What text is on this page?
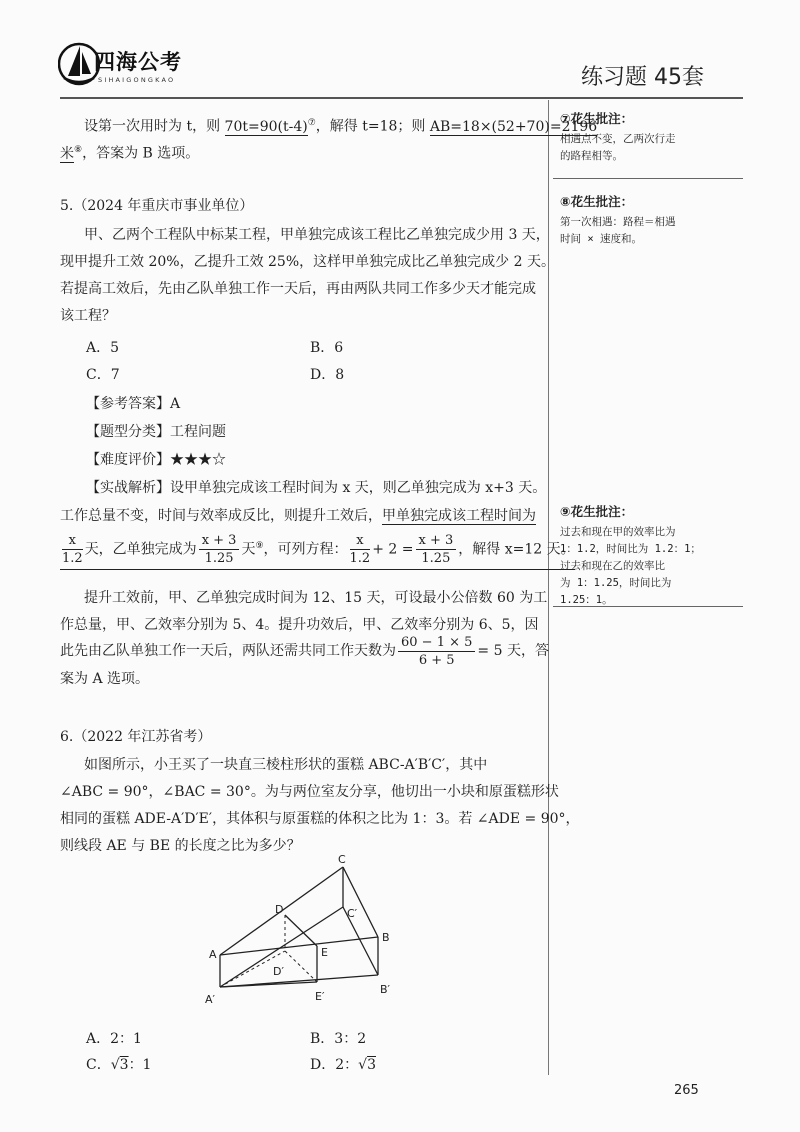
四海公考
SIHAIGONGKAO	练习题 45套
设第一次用时为 t，则 70t=90(t-4)⑦，解得 t=18；则 AB=18×(52+70)=2196
米⑧，答案为 B 选项。
⑦花生批注：
相遇点不变，乙两次行走
的路程相等。
⑧花生批注：
第一次相遇：路程＝相遇
时间 × 速度和。
⑨花生批注：
过去和现在甲的效率比为
1：1.2，时间比为 1.2：1；
过去和现在乙的效率比
为 1：1.25，时间比为
1.25：1。
5.（2024 年重庆市事业单位）
甲、乙两个工程队中标某工程，甲单独完成该工程比乙单独完成少用 3 天，
现甲提升工效 20%，乙提升工效 25%，这样甲单独完成比乙单独完成少 2 天。
若提高工效后，先由乙队单独工作一天后，再由两队共同工作多少天才能完成
该工程？
A．5	B．6
C．7	D．8
【参考答案】A
【题型分类】工程问题
【难度评价】★★★☆
【实战解析】设甲单独完成该工程时间为 x 天，则乙单独完成为 x+3 天。
工作总量不变，时间与效率成反比，则提升工效后，甲单独完成该工程时间为
$\frac{x}{1.2}$ 天，乙单独完成为 $\frac{x + 3}{1.25}$ 天⑨，可列方程： $\frac{x}{1.2} + 2 = \frac{x + 3}{1.25}$ ，解得 x=12 天。
提升工效前，甲、乙单独完成时间为 12、15 天，可设最小公倍数 60 为工
作总量，甲、乙效率分别为 5、4。提升功效后，甲、乙效率分别为 6、5，因
此先由乙队单独工作一天后，两队还需共同工作天数为 $\frac{60 - 1 \times 5}{6 + 5} = 5$ 天，答
案为 A 选项。
6.（2022 年江苏省考）
如图所示，小王买了一块直三棱柱形状的蛋糕 ABC-A′B′C′，其中
∠ABC = 90°，∠BAC = 30°。为与两位室友分享，他切出一小块和原蛋糕形状
相同的蛋糕 ADE-A′D′E′，其体积与原蛋糕的体积之比为 1：3。若 ∠ADE = 90°，
则线段 AE 与 BE 的长度之比为多少？
A
B
C
D
E
A′
B′
C′
D′
E′
A．2：1	B．3：2
C．√3：1	D．2：√3
265
